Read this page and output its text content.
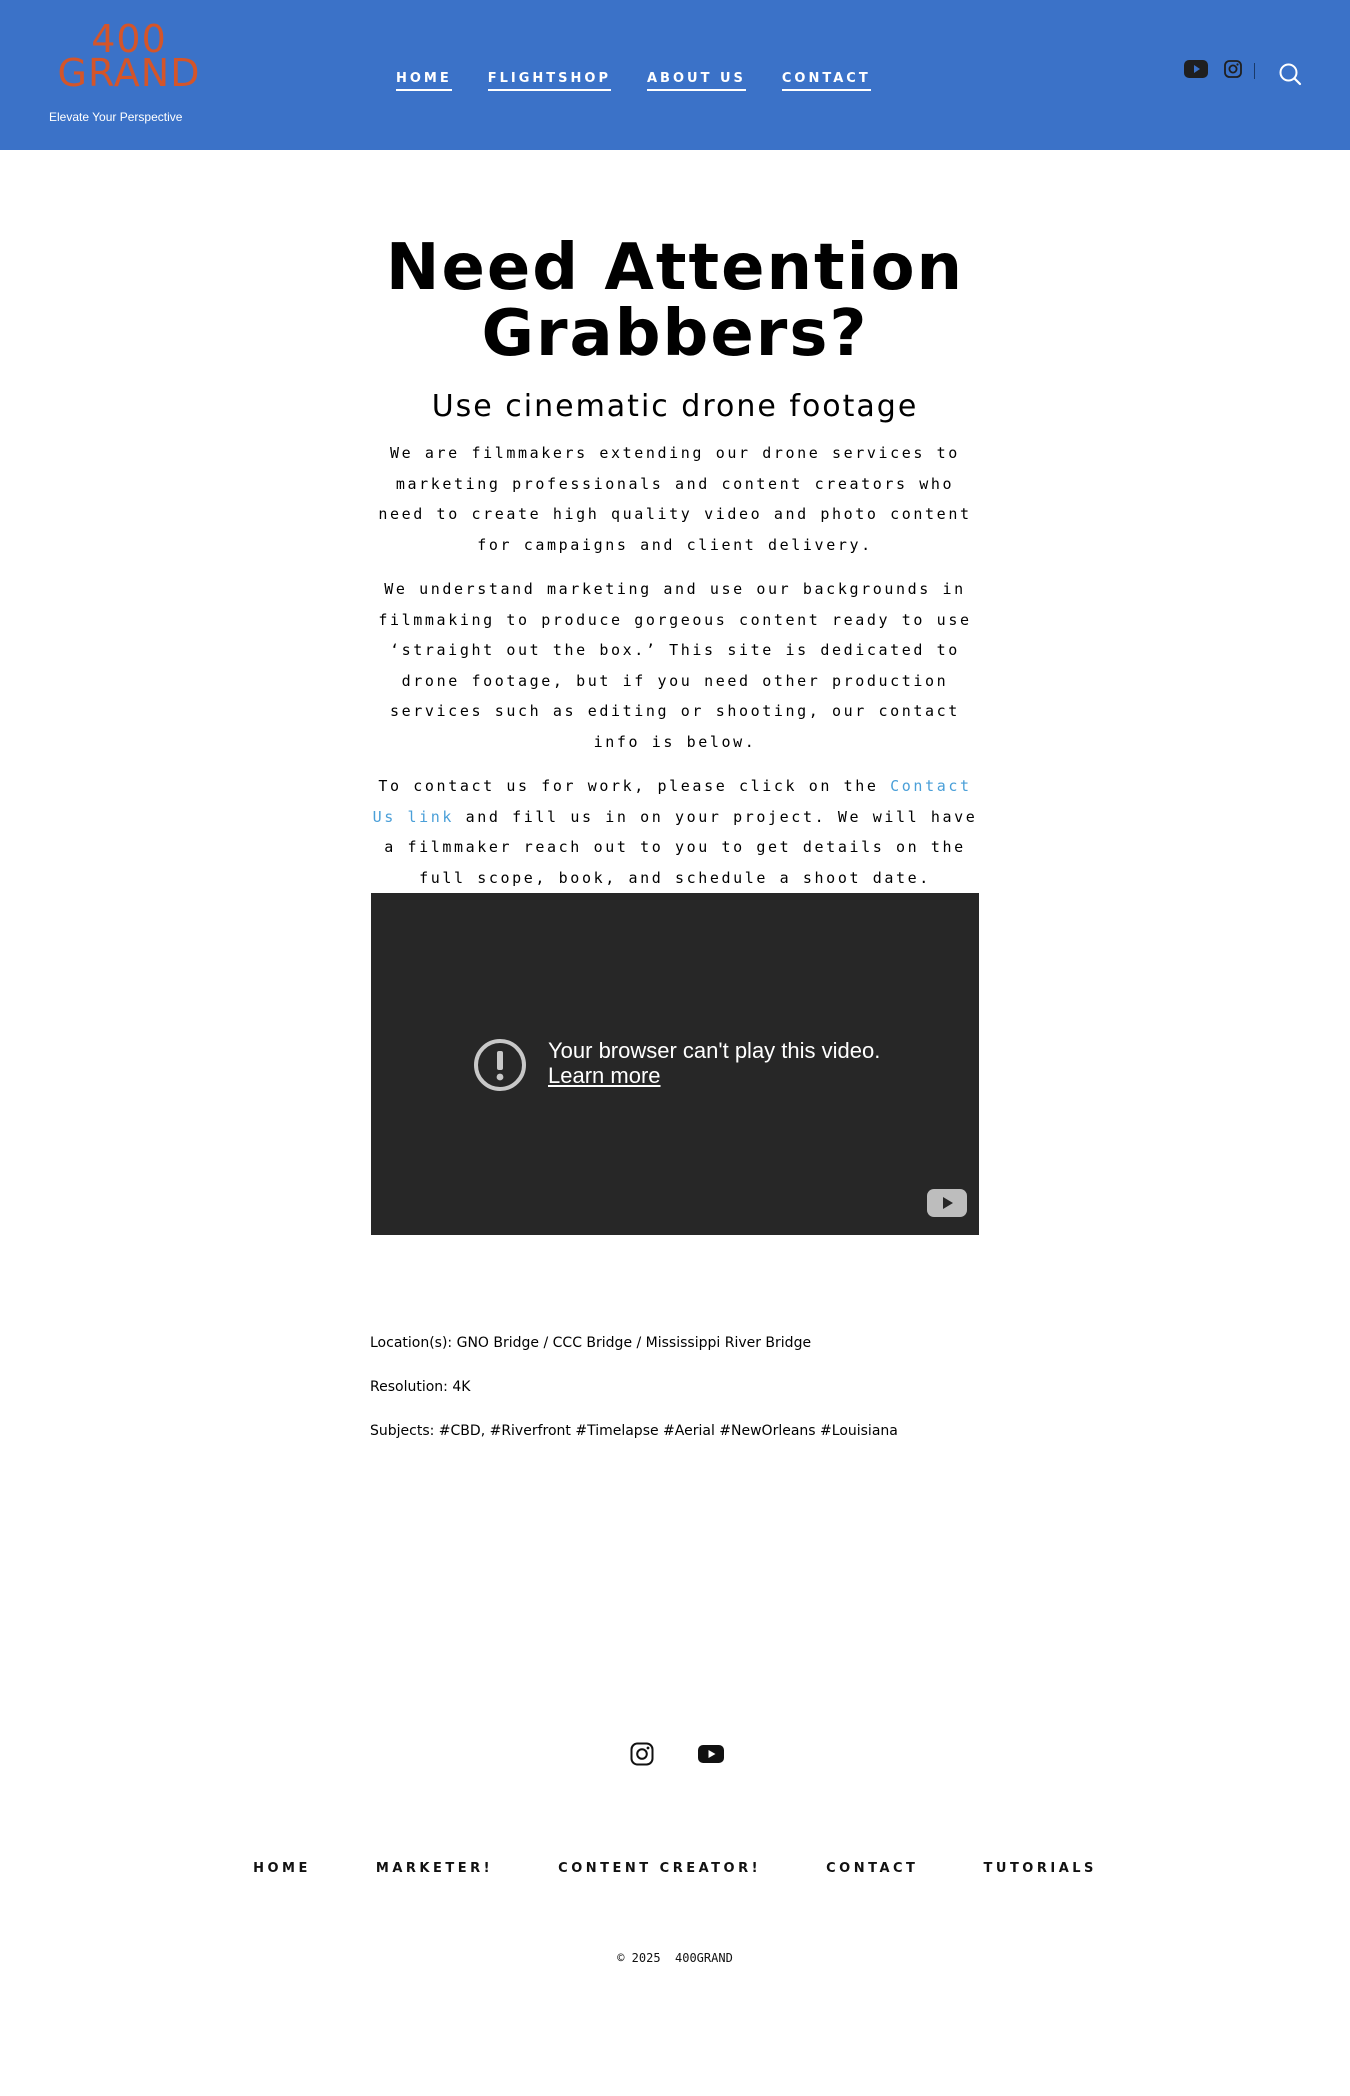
400
GRAND
Elevate Your Perspective
HOME	FLIGHTSHOP	ABOUT US	CONTACT
Need Attention
Grabbers?
Use cinematic drone footage

We are filmmakers extending our drone services to marketing professionals and content creators who need to create high quality video and photo content for campaigns and client delivery.

We understand marketing and use our backgrounds in filmmaking to produce gorgeous content ready to use ‘straight out the box.’ This site is dedicated to drone footage, but if you need other production services such as editing or shooting, our contact info is below.

To contact us for work, please click on the Contact Us link and fill us in on your project. We will have a filmmaker reach out to you to get details on the full scope, book, and schedule a shoot date.

Your browser can't play this video.
Learn more
Location(s): GNO Bridge / CCC Bridge / Mississippi River Bridge
Resolution: 4K
Subjects: #CBD, #Riverfront #Timelapse #Aerial #NewOrleans #Louisiana
HOME	MARKETER!	CONTENT CREATOR!	CONTACT	TUTORIALS
© 2025  400GRAND
